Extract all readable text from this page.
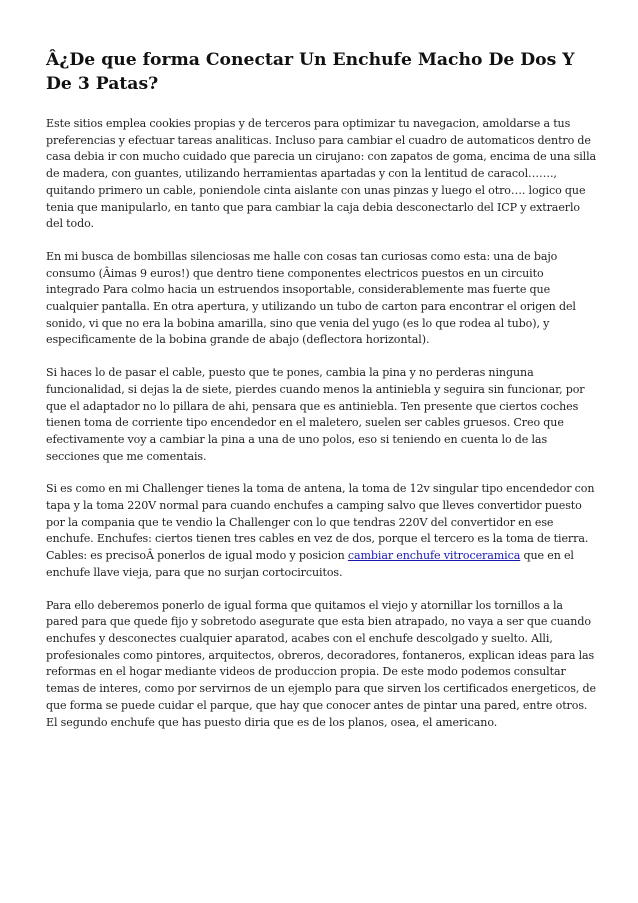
Â¿De que forma Conectar Un Enchufe Macho De Dos Y De 3 Patas?

Este sitios emplea cookies propias y de terceros para optimizar tu navegacion, amoldarse a tus preferencias y efectuar tareas analiticas. Incluso para cambiar el cuadro de automaticos dentro de casa debia ir con mucho cuidado que parecia un cirujano: con zapatos de goma, encima de una silla de madera, con guantes, utilizando herramientas apartadas y con la lentitud de caracol……., quitando primero un cable, poniendole cinta aislante con unas pinzas y luego el otro…. logico que tenia que manipularlo, en tanto que para cambiar la caja debia desconectarlo del ICP y extraerlo del todo.

En mi busca de bombillas silenciosas me halle con cosas tan curiosas como esta: una de bajo consumo (Âimas 9 euros!) que dentro tiene componentes electricos puestos en un circuito integrado Para colmo hacia un estruendos insoportable, considerablemente mas fuerte que cualquier pantalla. En otra apertura, y utilizando un tubo de carton para encontrar el origen del sonido, vi que no era la bobina amarilla, sino que venia del yugo (es lo que rodea al tubo), y especificamente de la bobina grande de abajo (deflectora horizontal).

Si haces lo de pasar el cable, puesto que te pones, cambia la pina y no perderas ninguna funcionalidad, si dejas la de siete, pierdes cuando menos la antiniebla y seguira sin funcionar, por que el adaptador no lo pillara de ahi, pensara que es antiniebla. Ten presente que ciertos coches tienen toma de corriente tipo encendedor en el maletero, suelen ser cables gruesos. Creo que efectivamente voy a cambiar la pina a una de uno polos, eso si teniendo en cuenta lo de las secciones que me comentais.

Si es como en mi Challenger tienes la toma de antena, la toma de 12v singular tipo encendedor con tapa y la toma 220V normal para cuando enchufes a camping salvo que lleves convertidor puesto por la compania que te vendio la Challenger con lo que tendras 220V del convertidor en ese enchufe. Enchufes: ciertos tienen tres cables en vez de dos, porque el tercero es la toma de tierra. Cables: es precisoÂ ponerlos de igual modo y posicion cambiar enchufe vitroceramica que en el enchufe llave vieja, para que no surjan cortocircuitos.

Para ello deberemos ponerlo de igual forma que quitamos el viejo y atornillar los tornillos a la pared para que quede fijo y sobretodo asegurate que esta bien atrapado, no vaya a ser que cuando enchufes y desconectes cualquier aparatod, acabes con el enchufe descolgado y suelto. Alli, profesionales como pintores, arquitectos, obreros, decoradores, fontaneros, explican ideas para las reformas en el hogar mediante videos de produccion propia. De este modo podemos consultar temas de interes, como por servirnos de un ejemplo para que sirven los certificados energeticos, de que forma se puede cuidar el parque, que hay que conocer antes de pintar una pared, entre otros. El segundo enchufe que has puesto diria que es de los planos, osea, el americano.
